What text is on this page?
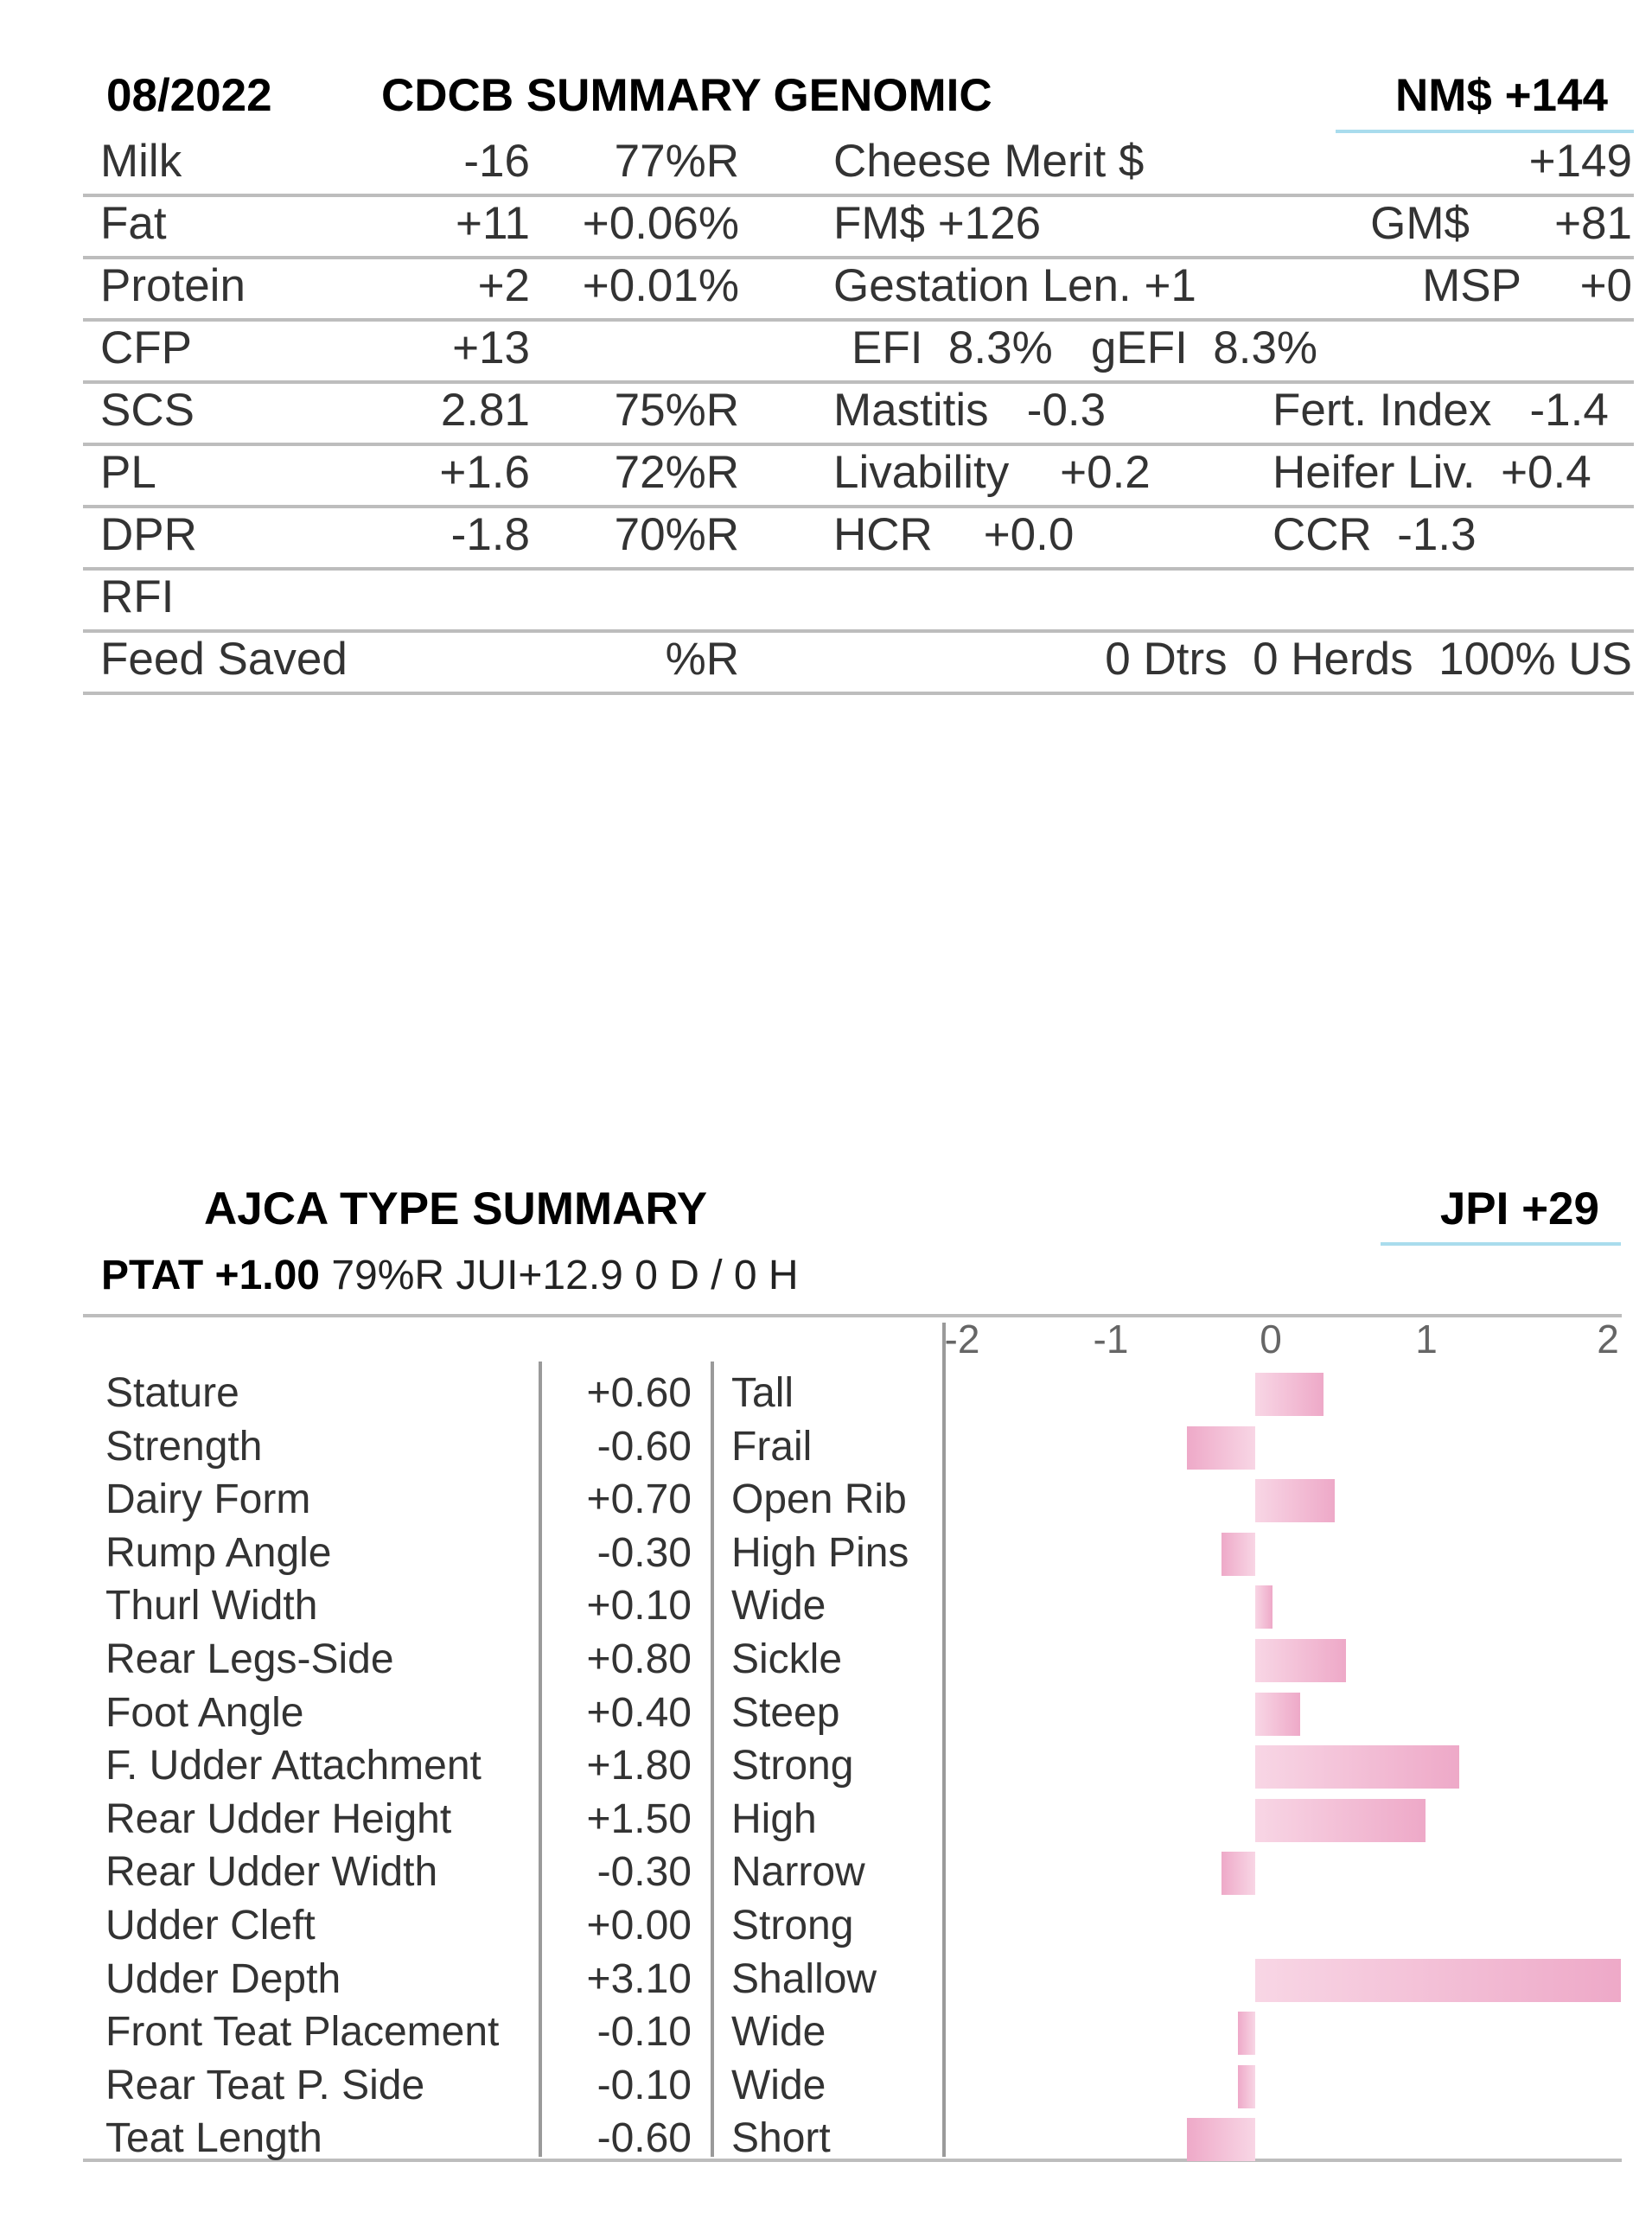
08/2022 CDCB SUMMARY GENOMIC	NM$ +144
Milk	-16	77%R Cheese Merit $	+149
Fat	+11	+0.06% FM$ +126	GM$	+81
Protein	+2	+0.01% Gestation Len. +1	MSP	+0
CFP	+13	EFI  8.3%   gEFI  8.3%
SCS	2.81	75%R Mastitis   -0.3	Fert. Index   -1.4
PL	+1.6	72%R Livability    +0.2	Heifer Liv.  +0.4
DPR	-1.8	70%R HCR    +0.0	CCR  -1.3
RFI
Feed Saved	%R	0 Dtrs  0 Herds  100% US
AJCA TYPE SUMMARY	JPI +29
PTAT +1.00 79%R JUI+12.9 0 D / 0 H
Stature	+0.60 Tall
Strength	-0.60 Frail
Dairy Form	+0.70 Open Rib
Rump Angle	-0.30 High Pins
Thurl Width	+0.10 Wide
Rear Legs-Side	+0.80 Sickle
Foot Angle	+0.40 Steep
F. Udder Attachment	+1.80 Strong
Rear Udder Height	+1.50 High
Rear Udder Width	-0.30 Narrow
Udder Cleft	+0.00 Strong
Udder Depth	+3.10 Shallow
Front Teat Placement	-0.10 Wide
Rear Teat P. Side	-0.10 Wide
Teat Length	-0.60 Short
-2	-1	0	1	2
